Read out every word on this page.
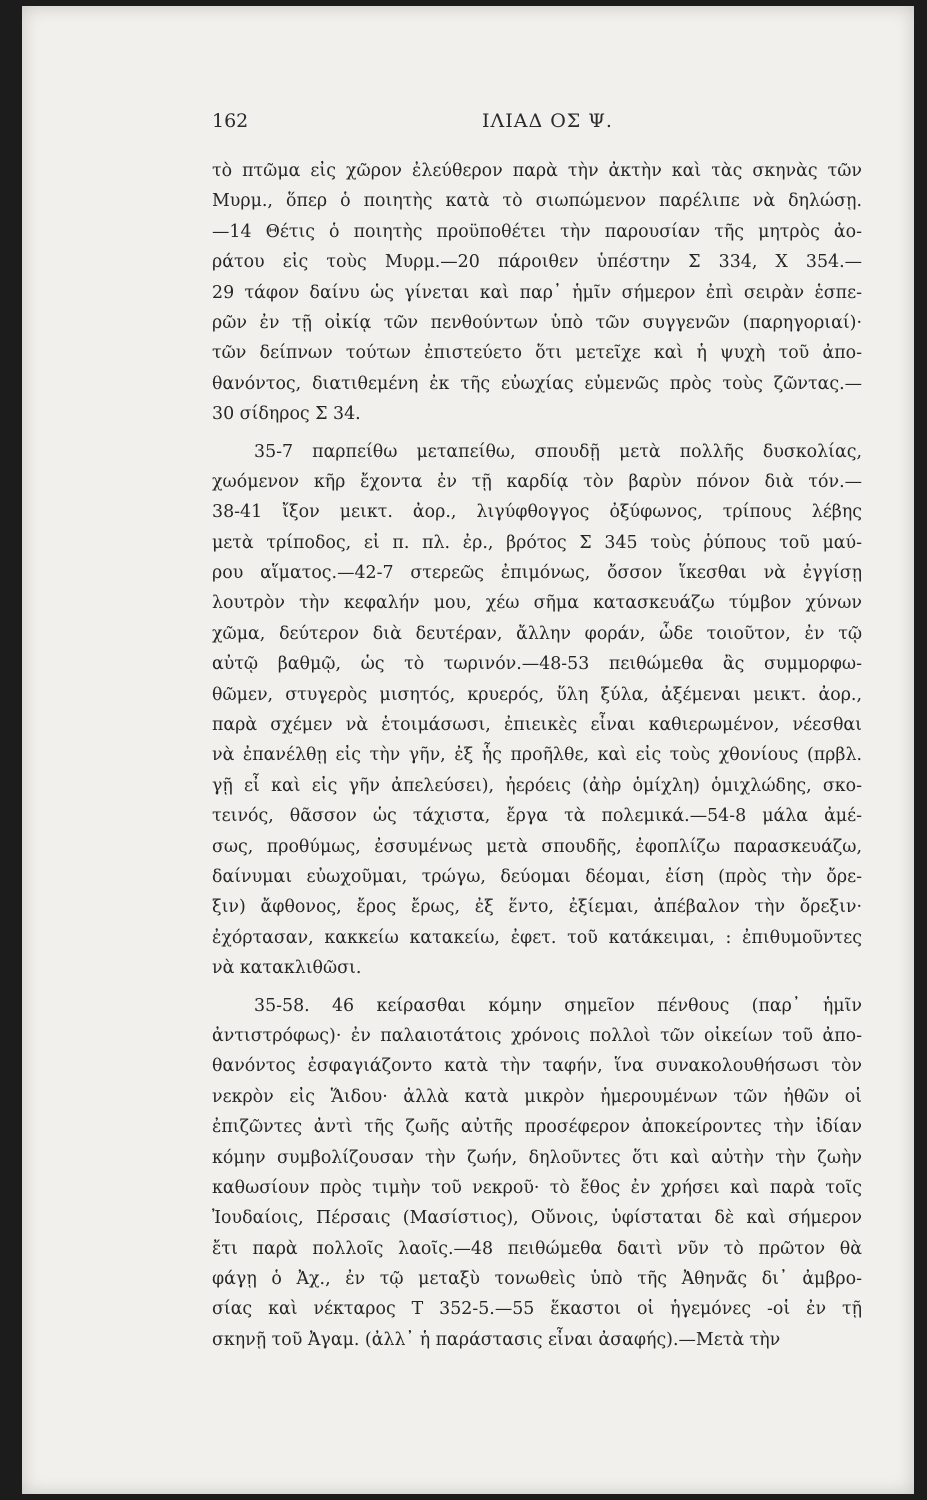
162	ΙΛΙΑΔ ΟΣ Ψ.
τὸ πτῶμα εἰς χῶρον ἐλεύθερον παρὰ τὴν ἀκτὴν καὶ τὰς σκηνὰς τῶν
Μυρμ., ὅπερ ὁ ποιητὴς κατὰ τὸ σιωπώμενον παρέλιπε νὰ δηλώσῃ.
—14 Θέτις ὁ ποιητὴς προϋποθέτει τὴν παρουσίαν τῆς μητρὸς ἀο-
ράτου εἰς τοὺς Μυρμ.—20 πάροιθεν ὑπέστην Σ 334, Χ 354.—
29 τάφον δαίνυ ὡς γίνεται καὶ παρ᾽ ἡμῖν σήμερον ἐπὶ σειρὰν ἑσπε-
ρῶν ἐν τῇ οἰκίᾳ τῶν πενθούντων ὑπὸ τῶν συγγενῶν (παρηγοριαί)·
τῶν δείπνων τούτων ἐπιστεύετο ὅτι μετεῖχε καὶ ἡ ψυχὴ τοῦ ἀπο-
θανόντος, διατιθεμένη ἐκ τῆς εὐωχίας εὐμενῶς πρὸς τοὺς ζῶντας.—
30 σίδηρος Σ 34.
35-7 παρπείθω μεταπείθω, σπουδῇ μετὰ πολλῆς δυσκολίας,
χωόμενον κῆρ ἔχοντα ἐν τῇ καρδίᾳ τὸν βαρὺν πόνον διὰ τόν.—
38-41 ἴξον μεικτ. ἀορ., λιγύφθογγος ὀξύφωνος, τρίπους λέβης
μετὰ τρίποδος, εἰ π. πλ. ἐρ., βρότος Σ 345 τοὺς ῥύπους τοῦ μαύ-
ρου αἵματος.—42-7 στερεῶς ἐπιμόνως, ὄσσον ἵκεσθαι νὰ ἐγγίσῃ
λουτρὸν τὴν κεφαλήν μου, χέω σῆμα κατασκευάζω τύμβον χύνων
χῶμα, δεύτερον διὰ δευτέραν, ἄλλην φοράν, ὧδε τοιοῦτον, ἐν τῷ
αὐτῷ βαθμῷ, ὡς τὸ τωρινόν.—48-53 πειθώμεθα ἂς συμμορφω-
θῶμεν, στυγερὸς μισητός, κρυερός, ὕλη ξύλα, ἀξέμεναι μεικτ. ἀορ.,
παρὰ σχέμεν νὰ ἑτοιμάσωσι, ἐπιεικὲς εἶναι καθιερωμένον, νέεσθαι
νὰ ἐπανέλθῃ εἰς τὴν γῆν, ἐξ ἧς προῆλθε, καὶ εἰς τοὺς χθονίους (πρβλ.
γῇ εἶ καὶ εἰς γῆν ἀπελεύσει), ἠερόεις (ἀὴρ ὁμίχλη) ὁμιχλώδης, σκο-
τεινός, θᾶσσον ὡς τάχιστα, ἔργα τὰ πολεμικά.—54-8 μάλα ἀμέ-
σως, προθύμως, ἐσσυμένως μετὰ σπουδῆς, ἐφοπλίζω παρασκευάζω,
δαίνυμαι εὐωχοῦμαι, τρώγω, δεύομαι δέομαι, ἐίση (πρὸς τὴν ὄρε-
ξιν) ἄφθονος, ἔρος ἔρως, ἐξ ἕντο, ἐξίεμαι, ἀπέβαλον τὴν ὄρεξιν·
ἐχόρτασαν, κακκείω κατακείω, ἐφετ. τοῦ κατάκειμαι, : ἐπιθυμοῦντες
νὰ κατακλιθῶσι.
35-58. 46 κείρασθαι κόμην σημεῖον πένθους (παρ᾽ ἡμῖν
ἀντιστρόφως)· ἐν παλαιοτάτοις χρόνοις πολλοὶ τῶν οἰκείων τοῦ ἀπο-
θανόντος ἐσφαγιάζοντο κατὰ τὴν ταφήν, ἵνα συνακολουθήσωσι τὸν
νεκρὸν εἰς Ἅιδου· ἀλλὰ κατὰ μικρὸν ἡμερουμένων τῶν ἠθῶν οἱ
ἐπιζῶντες ἀντὶ τῆς ζωῆς αὐτῆς προσέφερον ἀποκείροντες τὴν ἰδίαν
κόμην συμβολίζουσαν τὴν ζωήν, δηλοῦντες ὅτι καὶ αὐτὴν τὴν ζωὴν
καθωσίουν πρὸς τιμὴν τοῦ νεκροῦ· τὸ ἔθος ἐν χρήσει καὶ παρὰ τοῖς
Ἰουδαίοις, Πέρσαις (Μασίστιος), Οὔνοις, ὑφίσταται δὲ καὶ σήμερον
ἔτι παρὰ πολλοῖς λαοῖς.—48 πειθώμεθα δαιτὶ νῦν τὸ πρῶτον θὰ
φάγῃ ὁ Ἀχ., ἐν τῷ μεταξὺ τονωθεὶς ὑπὸ τῆς Ἀθηνᾶς δι᾽ ἀμβρο-
σίας καὶ νέκταρος Τ 352-5.—55 ἕκαστοι οἱ ἡγεμόνες -οἱ ἐν τῇ
σκηνῇ τοῦ Ἀγαμ. (ἀλλ᾽ ἡ παράστασις εἶναι ἀσαφής).—Μετὰ τὴν
